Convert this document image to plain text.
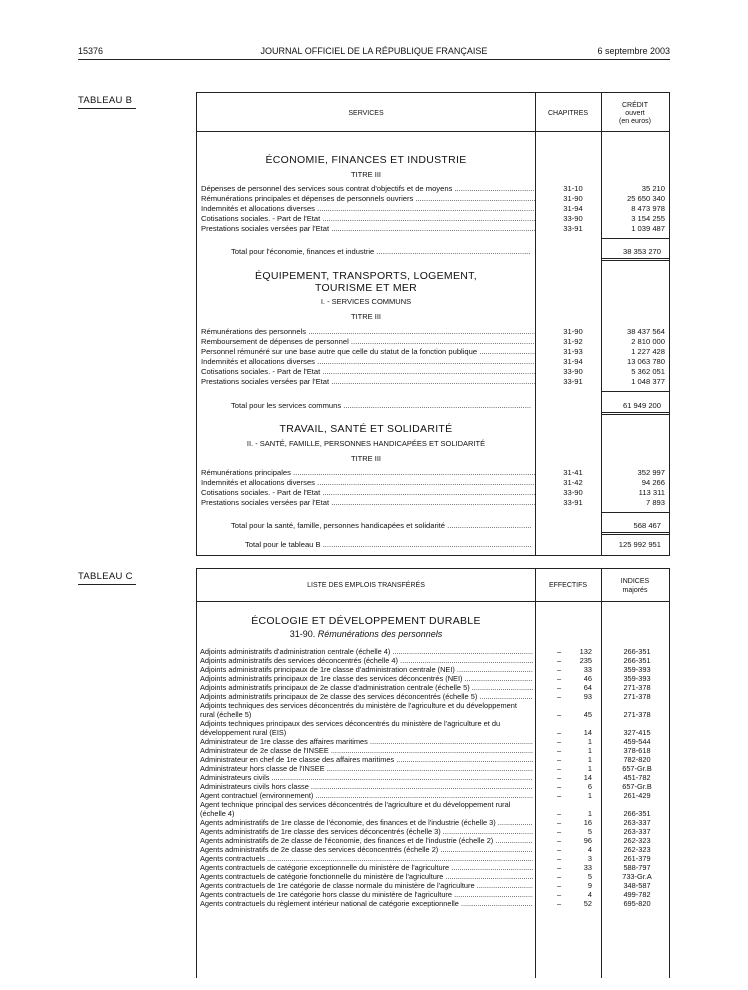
15376	JOURNAL OFFICIEL DE LA RÉPUBLIQUE FRANÇAISE	6 septembre 2003
TABLEAU B
SERVICES	CHAPITRES
CRÉDIT
ouvert
(en euros)
ÉCONOMIE, FINANCES ET INDUSTRIE
TITRE III
Dépenses de personnel des services sous contrat d'objectifs et de moyens .....	31-10	35 210
Rémunérations principales et dépenses de personnels ouvriers .....	31-90	25 650 340
Indemnités et allocations diverses .....	31-94	8 473 978
Cotisations sociales. - Part de l'Etat .....	33-90	3 154 255
Prestations sociales versées par l'Etat .....	33-91	1 039 487
Total pour l'économie, finances et industrie .....	38 353 270
ÉQUIPEMENT, TRANSPORTS, LOGEMENT,
TOURISME ET MER
I. - SERVICES COMMUNS
TITRE III
Rémunérations des personnels .....	31-90	38 437 564
Remboursement de dépenses de personnel .....	31-92	2 810 000
Personnel rémunéré sur une base autre que celle du statut de la fonction publique .....	31-93	1 227 428
Indemnités et allocations diverses .....	31-94	13 063 780
Cotisations sociales. - Part de l'Etat .....	33-90	5 362 051
Prestations sociales versées par l'Etat .....	33-91	1 048 377
Total pour les services communs .....	61 949 200
TRAVAIL, SANTÉ ET SOLIDARITÉ
II. - SANTÉ, FAMILLE, PERSONNES HANDICAPÉES ET SOLIDARITÉ
TITRE III
Rémunérations principales .....	31-41	352 997
Indemnités et allocations diverses .....	31-42	94 266
Cotisations sociales. - Part de l'Etat .....	33-90	113 311
Prestations sociales versées par l'Etat .....	33-91	7 893
Total pour la santé, famille, personnes handicapées et solidarité .....	568 467
Total pour le tableau B .....	125 992 951
TABLEAU C
LISTE DES EMPLOIS TRANSFÉRÉS	EFFECTIFS
INDICES
majorés
ÉCOLOGIE ET DÉVELOPPEMENT DURABLE
31-90. Rémunérations des personnels
Adjoints administratifs d'administration centrale (échelle 4) .....	–	132	266-351
Adjoints administratifs des services déconcentrés (échelle 4) .....	–	235	266-351
Adjoints administratifs principaux de 1re classe d'administration centrale (NEI) .....	–	33	359-393
Adjoints administratifs principaux de 1re classe des services déconcentrés (NEI) .....	–	46	359-393
Adjoints administratifs principaux de 2e classe d'administration centrale (échelle 5) .....	–	64	271-378
Adjoints administratifs principaux de 2e classe des services déconcentrés (échelle 5) .....	–	93	271-378
Adjoints techniques des services déconcentrés du ministère de l'agriculture et du développement rural (échelle 5)	–	45	271-378
Adjoints techniques principaux des services déconcentrés du ministère de l'agriculture et du développement rural (EIS)	–	14	327-415
Administrateur de 1re classe des affaires maritimes .....	–	1	459-544
Administrateur de 2e classe de l'INSEE .....	–	1	378-618
Administrateur en chef de 1re classe des affaires maritimes .....	–	1	782-820
Administrateur hors classe de l'INSEE .....	–	1	657-Gr.B
Administrateurs civils .....	–	14	451-782
Administrateurs civils hors classe .....	–	6	657-Gr.B
Agent contractuel (environnement) .....	–	1	261-429
Agent technique principal des services déconcentrés de l'agriculture et du développement rural (échelle 4)	–	1	266-351
Agents administratifs de 1re classe de l'économie, des finances et de l'industrie (échelle 3) .....	–	16	263-337
Agents administratifs de 1re classe des services déconcentrés (échelle 3) .....	–	5	263-337
Agents administratifs de 2e classe de l'économie, des finances et de l'industrie (échelle 2) .....	–	96	262-323
Agents administratifs de 2e classe des services déconcentrés (échelle 2) .....	–	4	262-323
Agents contractuels .....	–	3	261-379
Agents contractuels de catégorie exceptionnelle du ministère de l'agriculture .....	–	33	588-797
Agents contractuels de catégorie fonctionnelle du ministère de l'agriculture .....	–	5	733-Gr.A
Agents contractuels de 1re catégorie de classe normale du ministère de l'agriculture .....	–	9	348-587
Agents contractuels de 1re catégorie hors classe du ministère de l'agriculture .....	–	4	499-782
Agents contractuels du règlement intérieur national de catégorie exceptionnelle .....	–	52	695-820
